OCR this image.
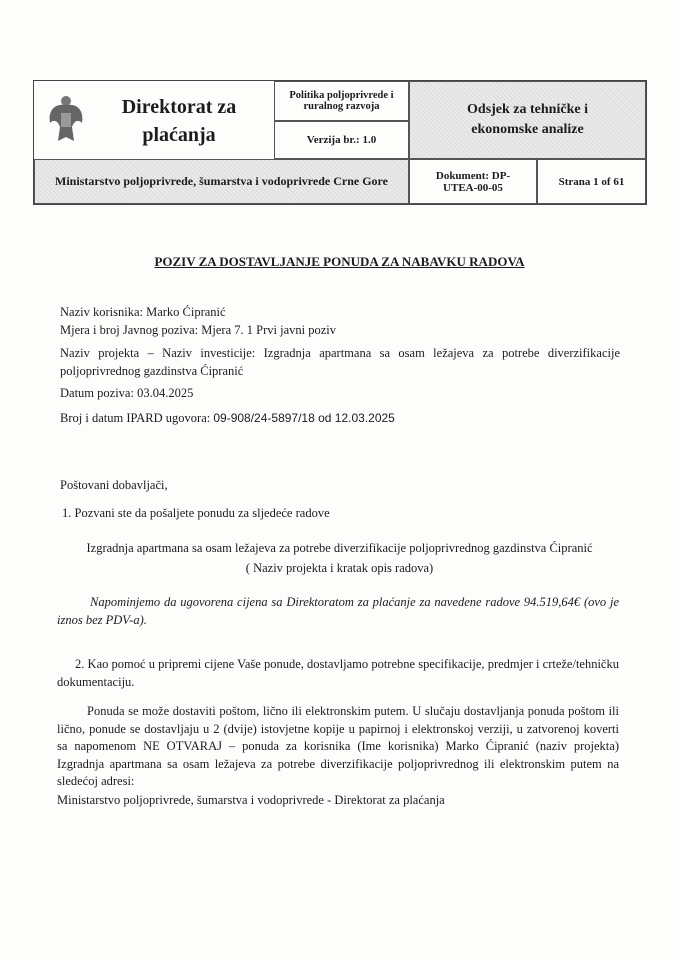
Direktorat za plaćanja
Politika poljoprivrede i ruralnog razvoja
Verzija br.: 1.0
Odsjek za tehničke i ekonomske analize
Ministarstvo poljoprivrede, šumarstva i vodoprivrede Crne Gore	Dokument: DP-UTEA-00-05	Strana 1 of 61
POZIV ZA DOSTAVLJANJE PONUDA ZA NABAVKU RADOVA

Naziv korisnika: Marko Ćipranić

Mjera i broj Javnog poziva: Mjera 7. 1 Prvi javni poziv

Naziv projekta – Naziv investicije: Izgradnja apartmana sa osam ležajeva za potrebe diverzifikacije poljoprivrednog gazdinstva Ćipranić

Datum poziva: 03.04.2025

Broj i datum IPARD ugovora: 09-908/24-5897/18 od 12.03.2025

Poštovani dobavljači,

1. Pozvani ste da pošaljete ponudu za sljedeće radove

Izgradnja apartmana sa osam ležajeva za potrebe diverzifikacije poljoprivrednog gazdinstva Ćipranić

( Naziv projekta i kratak opis radova)

Napominjemo da ugovorena cijena sa Direktoratom za plaćanje za navedene radove 94.519,64€ (ovo je iznos bez PDV-a).

2. Kao pomoć u pripremi cijene Vaše ponude, dostavljamo potrebne specifikacije, predmjer i crteže/tehničku dokumentaciju.

Ponuda se može dostaviti poštom, lično ili elektronskim putem. U slučaju dostavljanja ponuda poštom ili lično, ponude se dostavljaju u 2 (dvije) istovjetne kopije u papirnoj i elektronskoj verziji, u zatvorenoj koverti sa napomenom NE OTVARAJ – ponuda za korisnika (Ime korisnika) Marko Ćipranić (naziv projekta) Izgradnja apartmana sa osam ležajeva za potrebe diverzifikacije poljoprivrednog ili elektronskim putem na sledećoj adresi:

Ministarstvo poljoprivrede, šumarstva i vodoprivrede - Direktorat za plaćanja
